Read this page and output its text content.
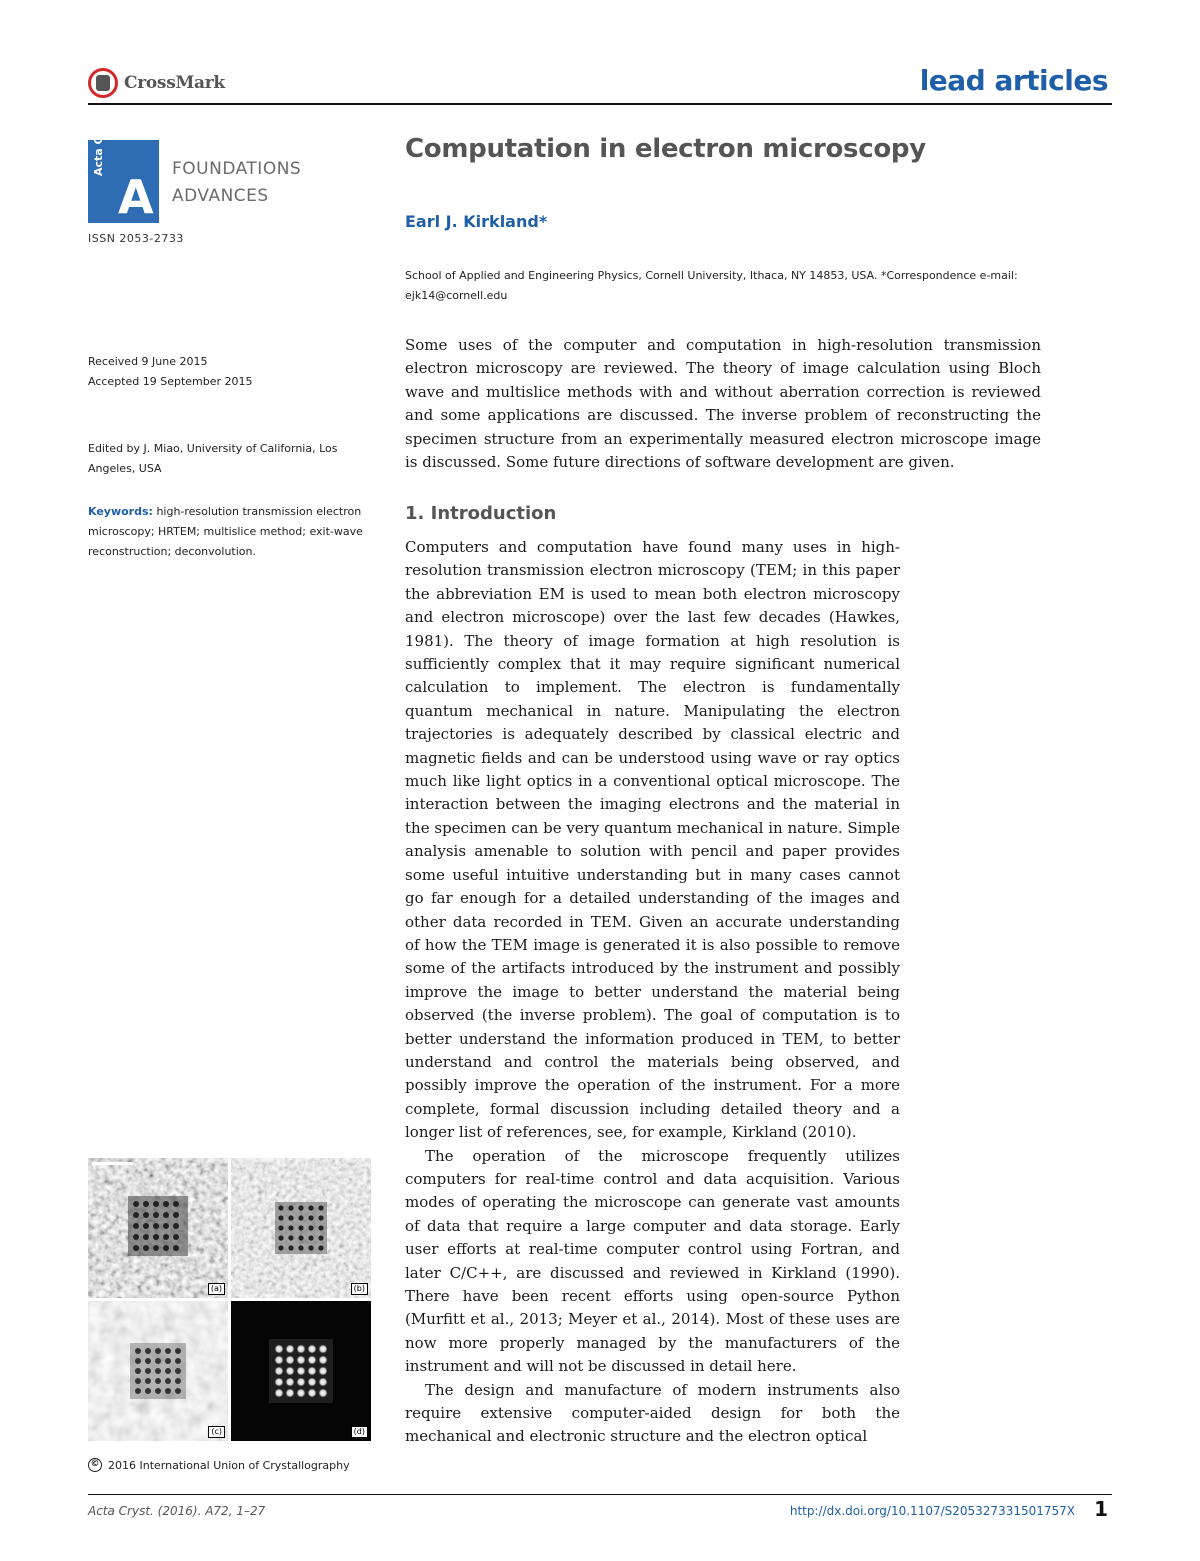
CrossMark	lead articles
Acta Cryst
A
FOUNDATIONS
ADVANCES
ISSN 2053-2733
Received 9 June 2015
Accepted 19 September 2015
Edited by J. Miao, University of California, Los Angeles, USA
Keywords: high-resolution transmission electron microscopy; HRTEM; multislice method; exit-wave reconstruction; deconvolution.
(a)	(b)
(c)	(d)
© 2016 International Union of Crystallography
Computation in electron microscopy
Earl J. Kirkland*
School of Applied and Engineering Physics, Cornell University, Ithaca, NY 14853, USA. *Correspondence e-mail: ejk14@cornell.edu
Some uses of the computer and computation in high-resolution transmission electron microscopy are reviewed. The theory of image calculation using Bloch wave and multislice methods with and without aberration correction is reviewed and some applications are discussed. The inverse problem of reconstructing the specimen structure from an experimentally measured electron microscope image is discussed. Some future directions of software development are given.
1. Introduction

Computers and computation have found many uses in high-resolution transmission electron microscopy (TEM; in this paper the abbreviation EM is used to mean both electron microscopy and electron microscope) over the last few decades (Hawkes, 1981). The theory of image formation at high resolution is sufficiently complex that it may require significant numerical calculation to implement. The electron is fundamentally quantum mechanical in nature. Manipulating the electron trajectories is adequately described by classical electric and magnetic fields and can be understood using wave or ray optics much like light optics in a conventional optical microscope. The interaction between the imaging electrons and the material in the specimen can be very quantum mechanical in nature. Simple analysis amenable to solution with pencil and paper provides some useful intuitive understanding but in many cases cannot go far enough for a detailed understanding of the images and other data recorded in TEM. Given an accurate understanding of how the TEM image is generated it is also possible to remove some of the artifacts introduced by the instrument and possibly improve the image to better understand the material being observed (the inverse problem). The goal of computation is to better understand the information produced in TEM, to better understand and control the materials being observed, and possibly improve the operation of the instrument. For a more complete, formal discussion including detailed theory and a longer list of references, see, for example, Kirkland (2010).

The operation of the microscope frequently utilizes computers for real-time control and data acquisition. Various modes of operating the microscope can generate vast amounts of data that require a large computer and data storage. Early user efforts at real-time computer control using Fortran, and later C/C++, are discussed and reviewed in Kirkland (1990). There have been recent efforts using open-source Python (Murfitt et al., 2013; Meyer et al., 2014). Most of these uses are now more properly managed by the manufacturers of the instrument and will not be discussed in detail here.

The design and manufacture of modern instruments also require extensive computer-aided design for both the mechanical and electronic structure and the electron optical

Acta Cryst. (2016). A72, 1–27	http://dx.doi.org/10.1107/S205327331501757X 1
